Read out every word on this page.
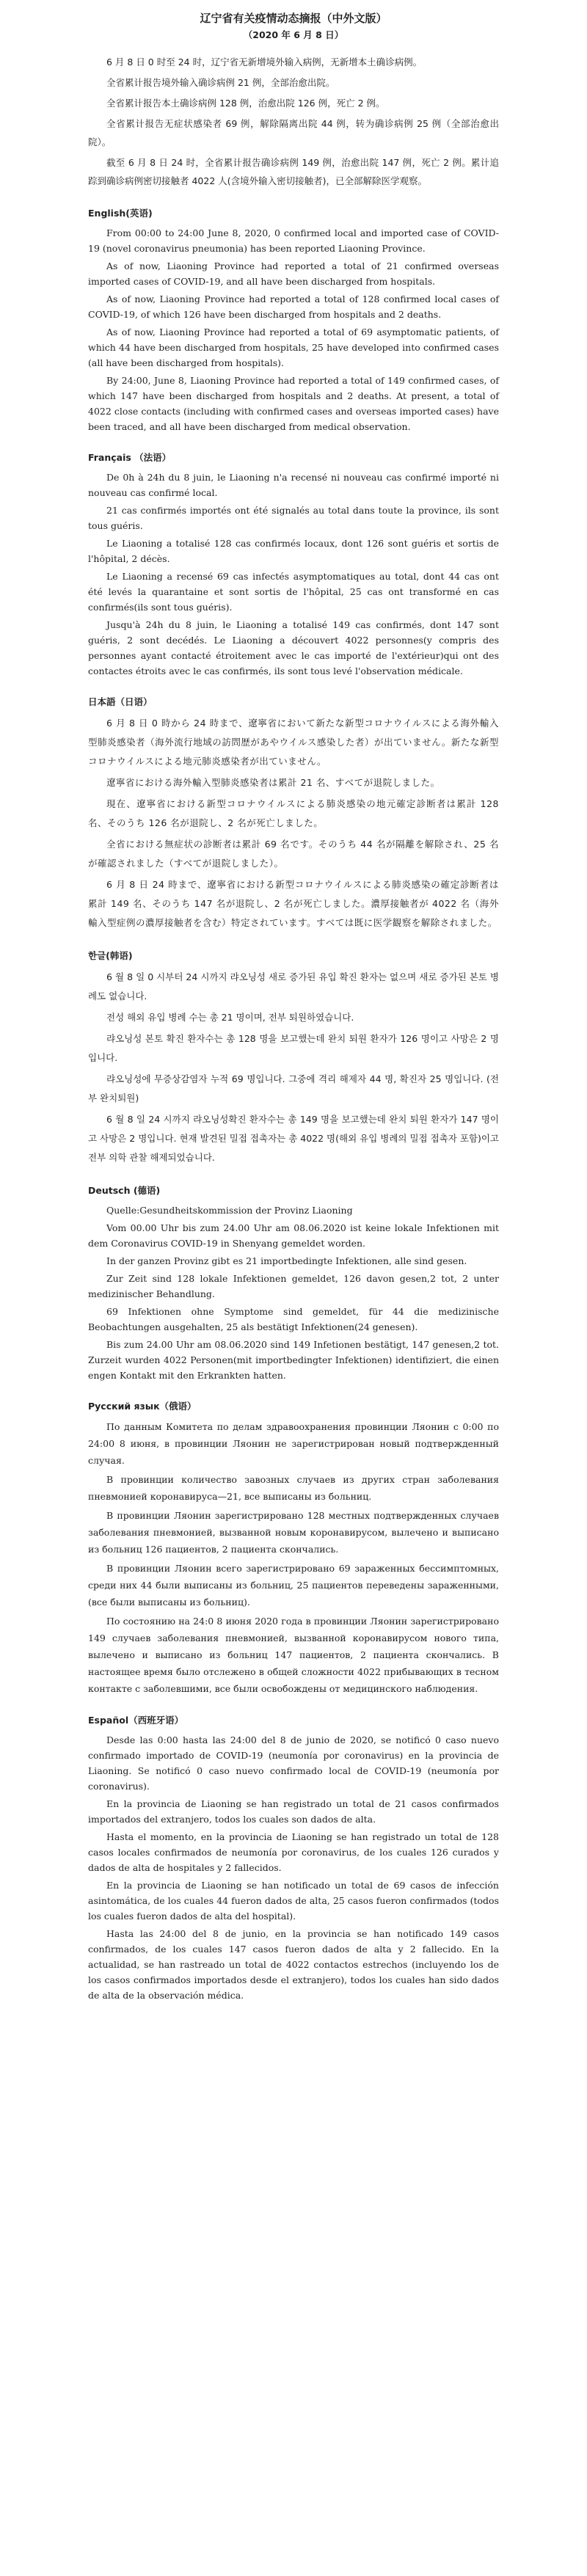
辽宁省有关疫情动态摘报（中外文版）
（2020 年 6 月 8 日）

6 月 8 日 0 时至 24 时，辽宁省无新增境外输入病例，无新增本土确诊病例。

全省累计报告境外输入确诊病例 21 例，全部治愈出院。

全省累计报告本土确诊病例 128 例，治愈出院 126 例，死亡 2 例。

全省累计报告无症状感染者 69 例，解除隔离出院 44 例，转为确诊病例 25 例（全部治愈出院）。

截至 6 月 8 日 24 时，全省累计报告确诊病例 149 例，治愈出院 147 例，死亡 2 例。累计追踪到确诊病例密切接触者 4022 人(含境外输入密切接触者)，已全部解除医学观察。

English(英语)

From 00:00 to 24:00 June 8, 2020, 0 confirmed local and imported case of COVID-19 (novel coronavirus pneumonia) has been reported Liaoning Province.

As of now, Liaoning Province had reported a total of 21 confirmed overseas imported cases of COVID-19, and all have been discharged from hospitals.

As of now, Liaoning Province had reported a total of 128 confirmed local cases of COVID-19, of which 126 have been discharged from hospitals and 2 deaths.

As of now, Liaoning Province had reported a total of 69 asymptomatic patients, of which 44 have been discharged from hospitals, 25 have developed into confirmed cases (all have been discharged from hospitals).

By 24:00, June 8, Liaoning Province had reported a total of 149 confirmed cases, of which 147 have been discharged from hospitals and 2 deaths. At present, a total of 4022 close contacts (including with confirmed cases and overseas imported cases) have been traced, and all have been discharged from medical observation.

Français （法语）

De 0h à 24h du 8 juin, le Liaoning n'a recensé ni nouveau cas confirmé importé ni nouveau cas confirmé local.

21 cas confirmés importés ont été signalés au total dans toute la province, ils sont tous guéris.

Le Liaoning a totalisé 128 cas confirmés locaux, dont 126 sont guéris et sortis de l'hôpital, 2 décès.

Le Liaoning a recensé 69 cas infectés asymptomatiques au total, dont 44 cas ont été levés la quarantaine et sont sortis de l'hôpital, 25 cas ont transformé en cas confirmés(ils sont tous guéris).

Jusqu'à 24h du 8 juin, le Liaoning a totalisé 149 cas confirmés, dont 147 sont guéris, 2 sont decédés. Le Liaoning a découvert 4022 personnes(y compris des personnes ayant contacté étroitement avec le cas importé de l'extérieur)qui ont des contactes étroits avec le cas confirmés, ils sont tous levé l'observation médicale.

日本語（日语）

6 月 8 日 0 時から 24 時まで、遼寧省において新たな新型コロナウイルスによる海外輸入型肺炎感染者（海外流行地域の訪問歴があやウイルス感染した者）が出ていません。新たな新型コロナウイルスによる地元肺炎感染者が出ていません。

遼寧省における海外輸入型肺炎感染者は累計 21 名、すべてが退院しました。

現在、遼寧省における新型コロナウイルスによる肺炎感染の地元確定診断者は累計 128 名、そのうち 126 名が退院し、2 名が死亡しました。

全省における無症状の診断者は累計 69 名です。そのうち 44 名が隔離を解除され、25 名が確認されました（すべてが退院しました）。

6 月 8 日 24 時まで、遼寧省における新型コロナウイルスによる肺炎感染の確定診断者は累計 149 名、そのうち 147 名が退院し、2 名が死亡しました。濃厚接触者が 4022 名（海外輸入型症例の濃厚接触者を含む）特定されています。すべては既に医学観察を解除されました。

한글(韩语)

6 월 8 일 0 시부터 24 시까지 랴오닝성 새로 증가된 유입 확진 환자는 없으며 새로 증가된 본토 병례도 없습니다.

전성 해외 유입 병례 수는 총 21 명이며, 전부 퇴원하였습니다.

랴오닝성 본토 확진 환자수는 총 128 명을 보고했는데 완치 퇴원 환자가 126 명이고 사망은 2 명입니다.

랴오닝성에 무증상감염자 누적 69 명입니다. 그중에 격리 해제자 44 명, 확진자 25 명입니다. (전부 완치퇴원)

6 월 8 일 24 시까지 랴오닝성확진 환자수는 총 149 명을 보고했는데 완치 퇴원 환자가 147 명이고 사망은 2 명입니다. 현재 발견된 밀접 접촉자는 총 4022 명(해외 유입 병례의 밀접 접촉자 포함)이고 전부 의학 관찰 해제되었습니다.

Deutsch (德语)

Quelle:Gesundheitskommission der Provinz Liaoning

Vom 00.00 Uhr bis zum 24.00 Uhr am 08.06.2020 ist keine lokale Infektionen mit dem Coronavirus COVID-19 in Shenyang gemeldet worden.

In der ganzen Provinz gibt es 21 importbedingte Infektionen, alle sind gesen.

Zur Zeit sind 128 lokale Infektionen gemeldet, 126 davon gesen,2 tot, 2 unter medizinischer Behandlung.

69 Infektionen ohne Symptome sind gemeldet, für 44 die medizinische Beobachtungen ausgehalten, 25 als bestätigt Infektionen(24 genesen).

Bis zum 24.00 Uhr am 08.06.2020 sind 149 Infetionen bestätigt, 147 genesen,2 tot. Zurzeit wurden 4022 Personen(mit importbedingter Infektionen) identifiziert, die einen engen Kontakt mit den Erkrankten hatten.

Русский язык（俄语）

По данным Комитета по делам здравоохранения провинции Ляонин с 0:00 по 24:00 8 июня, в провинции Ляонин не зарегистрирован новый подтвержденный случая.

В провинции количество завозных случаев из других стран заболевания пневмонией коронавируса—21, все выписаны из больниц.

В провинции Ляонин зарегистрировано 128 местных подтвержденных случаев заболевания пневмонией, вызванной новым коронавирусом, вылечено и выписано из больниц 126 пациентов, 2 пациента скончались.

В провинции Ляонин всего зарегистрировано 69 зараженных бессимптомных, среди них 44 были выписаны из больниц, 25 пациентов переведены зараженными, (все были выписаны из больниц).

По состоянию на 24:0 8 июня 2020 года в провинции Ляонин зарегистрировано 149 случаев заболевания пневмонией, вызванной коронавирусом нового типа, вылечено и выписано из больниц 147 пациентов, 2 пациента скончались. В настоящее время было отслежено в общей сложности 4022 прибывающих в тесном контакте с заболевшими, все были освобождены от медицинского наблюдения.

Español（西班牙语）

Desde las 0:00 hasta las 24:00 del 8 de junio de 2020, se notificó 0 caso nuevo confirmado importado de COVID-19 (neumonía por coronavirus) en la provincia de Liaoning. Se notificó 0 caso nuevo confirmado local de COVID-19 (neumonía por coronavirus).

En la provincia de Liaoning se han registrado un total de 21 casos confirmados importados del extranjero, todos los cuales son dados de alta.

Hasta el momento, en la provincia de Liaoning se han registrado un total de 128 casos locales confirmados de neumonía por coronavirus, de los cuales 126 curados y dados de alta de hospitales y 2 fallecidos.

En la provincia de Liaoning se han notificado un total de 69 casos de infección asintomática, de los cuales 44 fueron dados de alta, 25 casos fueron confirmados (todos los cuales fueron dados de alta del hospital).

Hasta las 24:00 del 8 de junio, en la provincia se han notificado 149 casos confirmados, de los cuales 147 casos fueron dados de alta y 2 fallecido. En la actualidad, se han rastreado un total de 4022 contactos estrechos (incluyendo los de los casos confirmados importados desde el extranjero), todos los cuales han sido dados de alta de la observación médica.
